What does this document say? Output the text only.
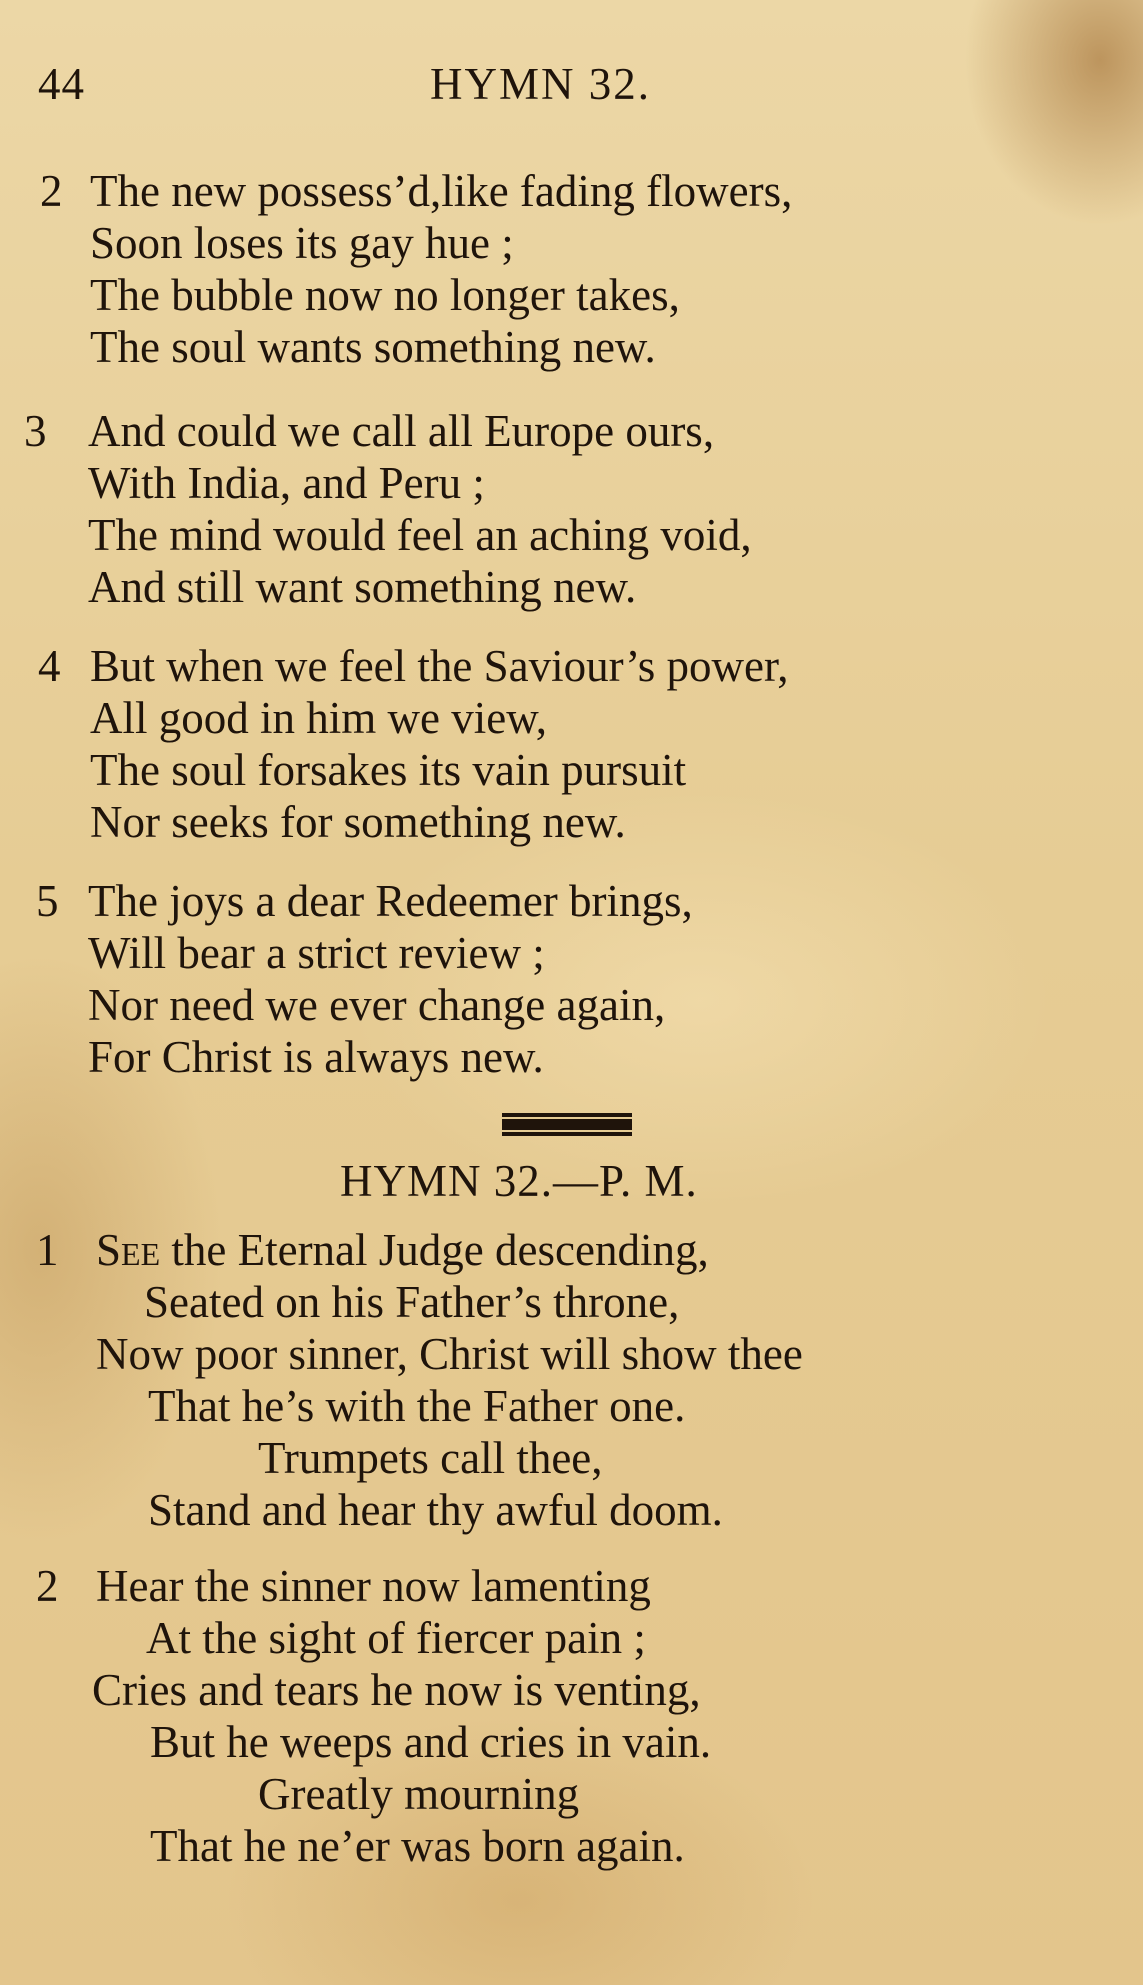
44	HYMN 32.
2 The new possess’d,like fading flowers,
Soon loses its gay hue ;
The bubble now no longer takes,
The soul wants something new.
3 And could we call all Europe ours,
With India, and Peru ;
The mind would feel an aching void,
And still want something new.
4 But when we feel the Saviour’s power,
All good in him we view,
The soul forsakes its vain pursuit
Nor seeks for something new.
5 The joys a dear Redeemer brings,
Will bear a strict review ;
Nor need we ever change again,
For Christ is always new.
HYMN 32.—P. M.
1 See the Eternal Judge descending,
Seated on his Father’s throne,
Now poor sinner, Christ will show thee
That he’s with the Father one.
Trumpets call thee,
Stand and hear thy awful doom.
2 Hear the sinner now lamenting
At the sight of fiercer pain ;
Cries and tears he now is venting,
But he weeps and cries in vain.
Greatly mourning
That he ne’er was born again.
